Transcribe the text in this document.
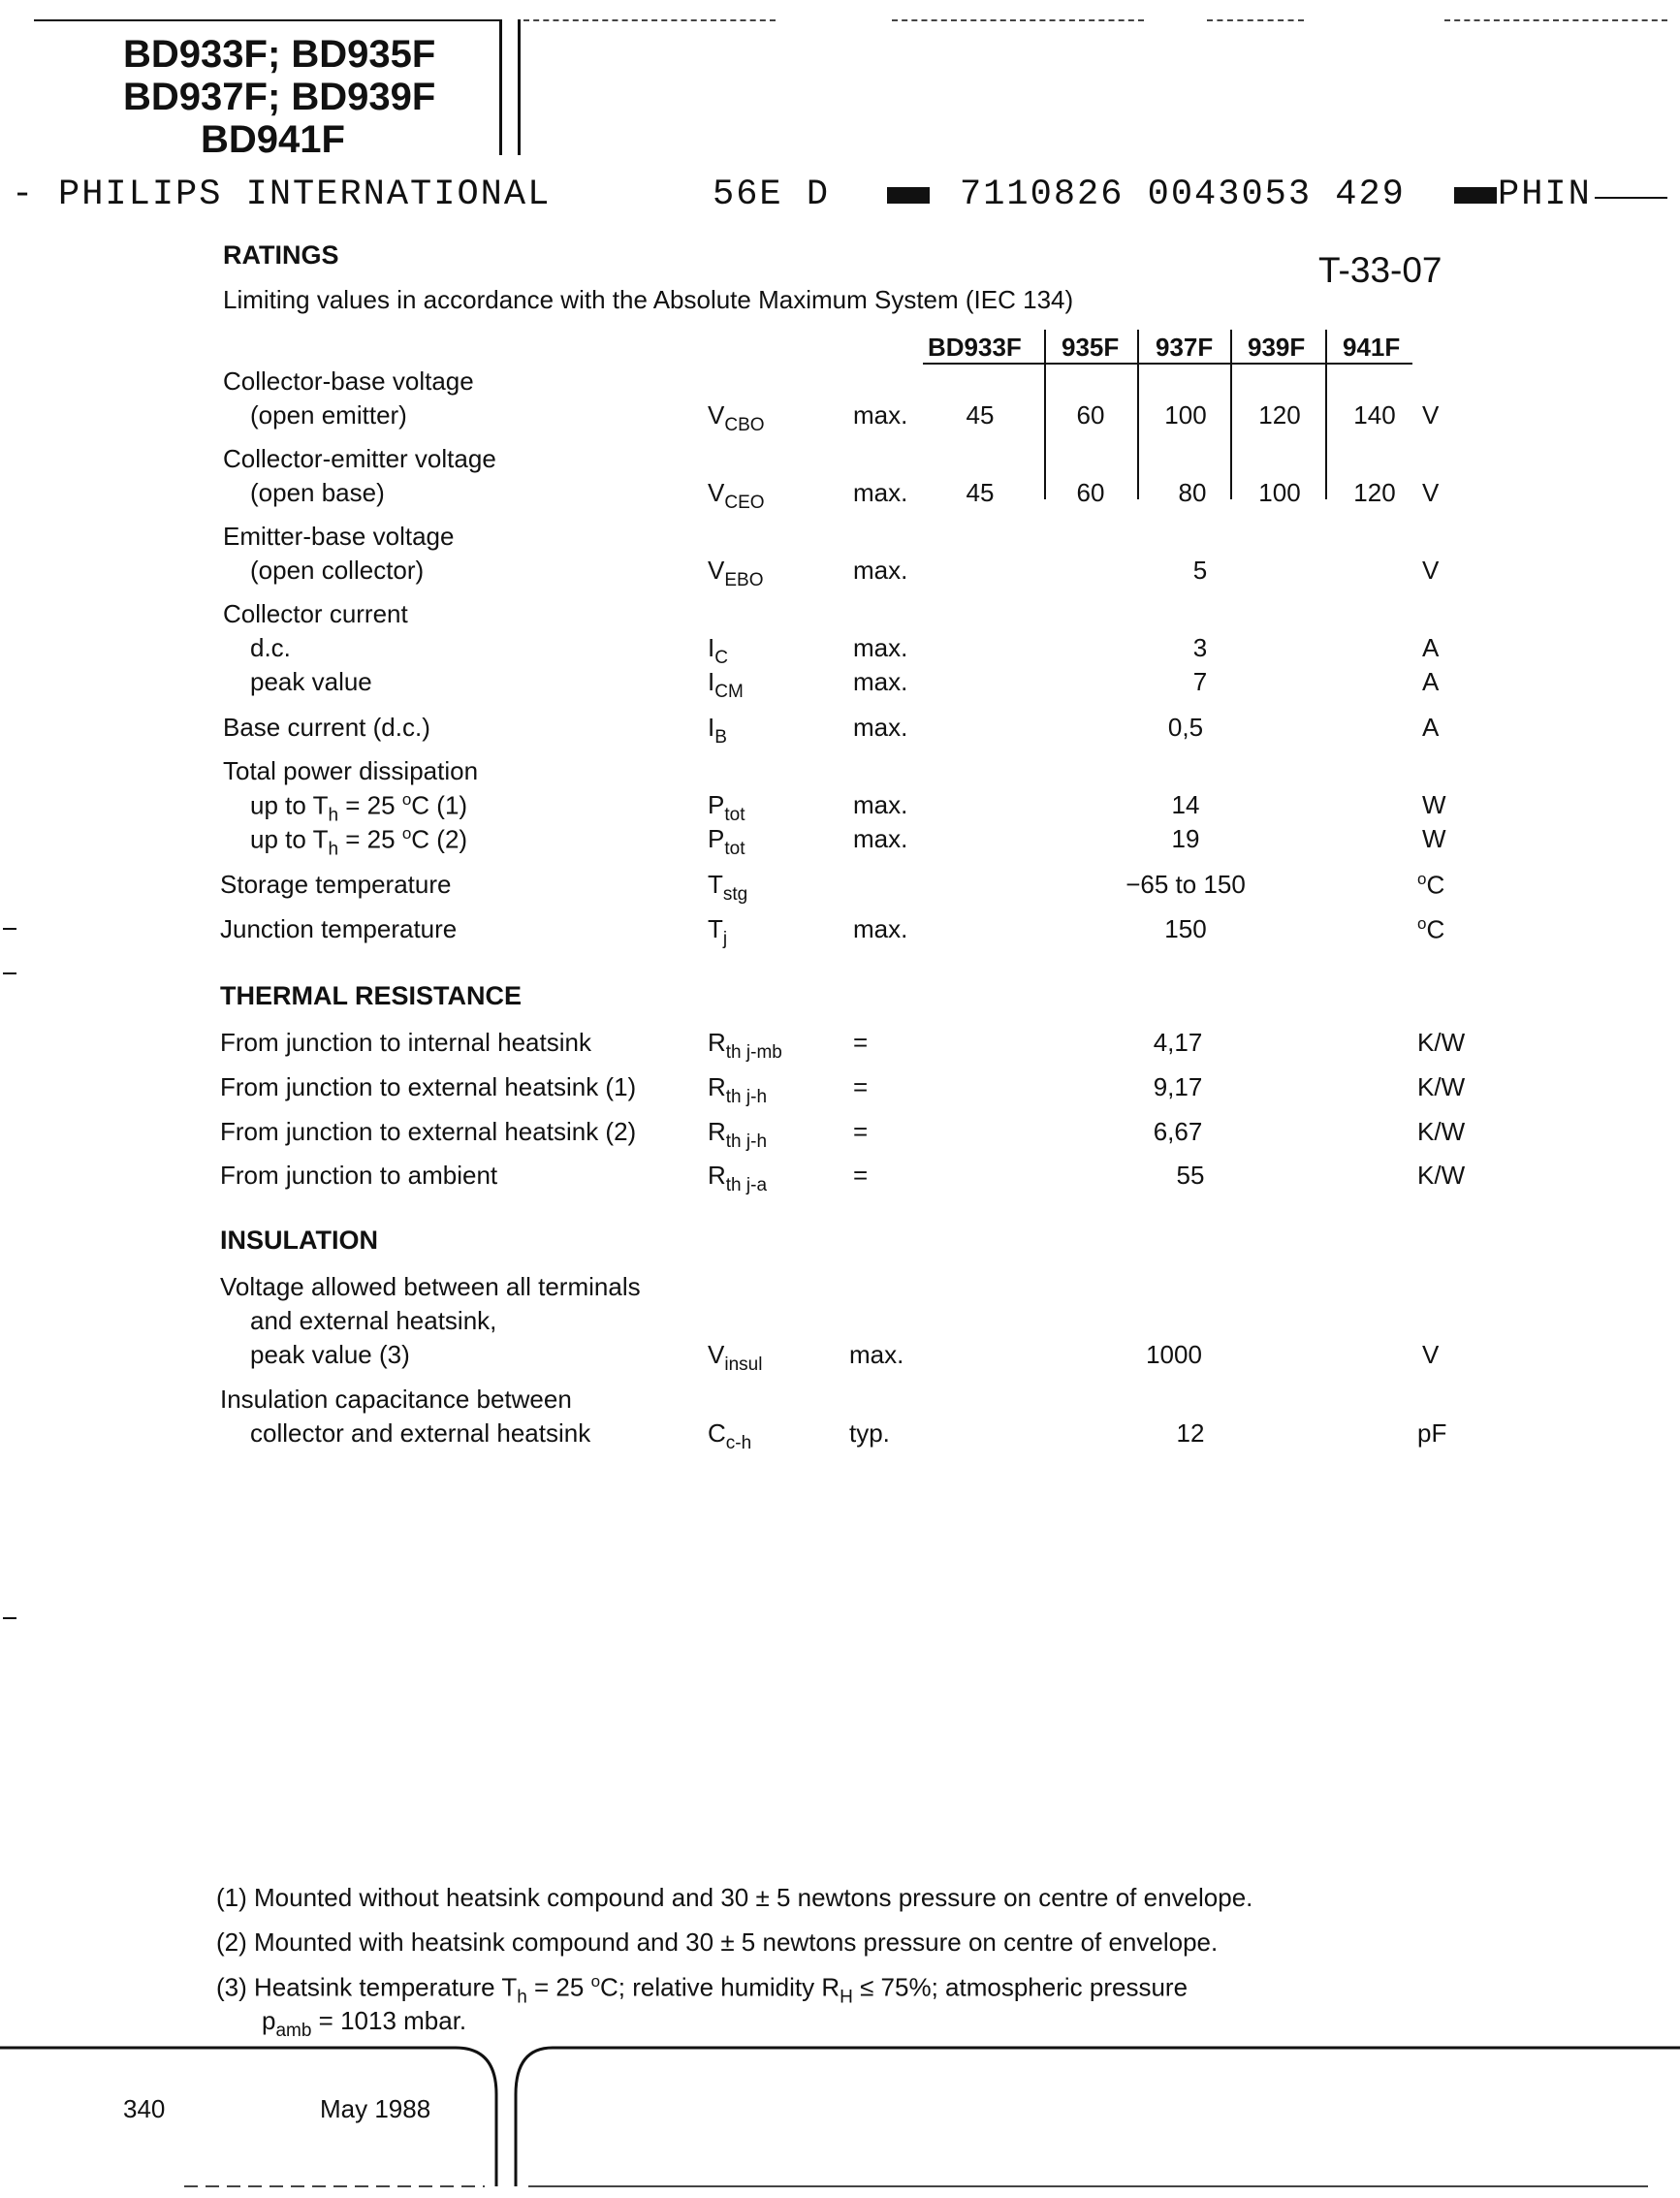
BD933F; BD935F
BD937F; BD939F
BD941F
- PHILIPS INTERNATIONAL	56E D	7110826 0043053 429	PHIN
T-33-07
RATINGS
Limiting values in accordance with the Absolute Maximum System (IEC 134)
BD933F 935F 937F 939F 941F
Collector-base voltage
(open emitter)	$V_{CBO}$	max.	45	60	100	120	140	V
Collector-emitter voltage
(open base)	$V_{CEO}$	max.	45	60	80	100	120	V
Emitter-base voltage
(open collector)	$V_{EBO}$	max.	5	V
Collector current
d.c.	$I_C$	max.	3	A
peak value	$I_{CM}$	max.	7	A
Base current (d.c.)	$I_B$	max.	0,5	A
Total power dissipation
up to $T_h = 25$ $^o$C (1)	$P_{tot}$	max.	14	W
up to $T_h = 25$ $^o$C (2)	$P_{tot}$	max.	19	W
Storage temperature	$T_{stg}$	−65 to 150	$^o$C
Junction temperature	$T_j$	max.	150	$^o$C
THERMAL RESISTANCE
From junction to internal heatsink	$R_{th j-mb}$	=	4,17	K/W
From junction to external heatsink (1)	$R_{th j-h}$	=	9,17	K/W
From junction to external heatsink (2)	$R_{th j-h}$	=	6,67	K/W
From junction to ambient	$R_{th j-a}$	=	55	K/W
INSULATION
Voltage allowed between all terminals
and external heatsink,
peak value (3)	$V_{insul}$	max.	1000	V
Insulation capacitance between
collector and external heatsink	$C_{c-h}$	typ.	12	pF
(1) Mounted without heatsink compound and 30 ± 5 newtons pressure on centre of envelope.
(2) Mounted with heatsink compound and 30 ± 5 newtons pressure on centre of envelope.
(3) Heatsink temperature $T_h = 25$ $^o$C; relative humidity $R_H \le 75\%$; atmospheric pressure
$p_{amb} = 1013$ mbar.
340	May 1988
